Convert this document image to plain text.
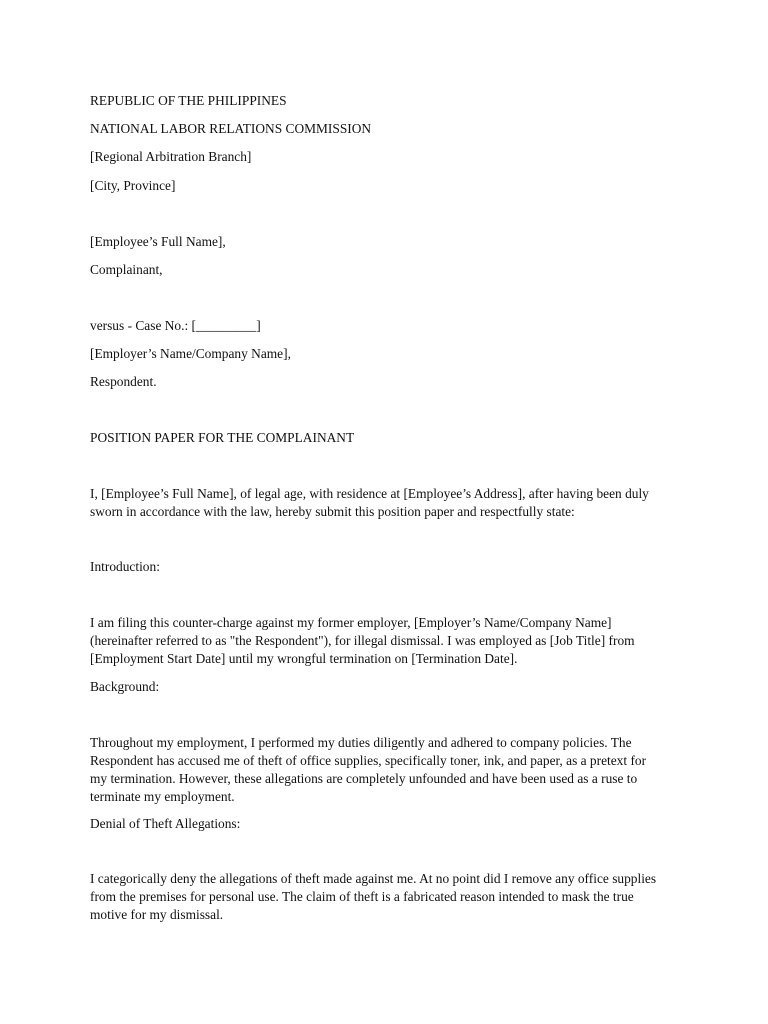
REPUBLIC OF THE PHILIPPINES
NATIONAL LABOR RELATIONS COMMISSION
[Regional Arbitration Branch]
[City, Province]
[Employee’s Full Name],
Complainant,
versus - Case No.: [_________]
[Employer’s Name/Company Name],
Respondent.
POSITION PAPER FOR THE COMPLAINANT
I, [Employee’s Full Name], of legal age, with residence at [Employee’s Address], after having been duly
sworn in accordance with the law, hereby submit this position paper and respectfully state:
Introduction:
I am filing this counter-charge against my former employer, [Employer’s Name/Company Name]
(hereinafter referred to as "the Respondent"), for illegal dismissal. I was employed as [Job Title] from
[Employment Start Date] until my wrongful termination on [Termination Date].
Background:
Throughout my employment, I performed my duties diligently and adhered to company policies. The
Respondent has accused me of theft of office supplies, specifically toner, ink, and paper, as a pretext for
my termination. However, these allegations are completely unfounded and have been used as a ruse to
terminate my employment.
Denial of Theft Allegations:
I categorically deny the allegations of theft made against me. At no point did I remove any office supplies
from the premises for personal use. The claim of theft is a fabricated reason intended to mask the true
motive for my dismissal.
